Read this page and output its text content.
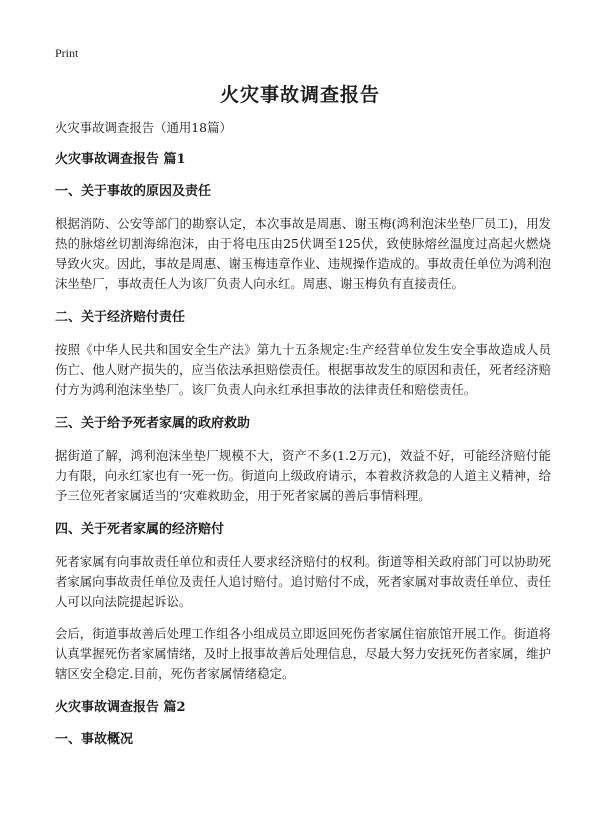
Print
火灾事故调查报告
火灾事故调查报告（通用18篇）
火灾事故调查报告 篇1
一、关于事故的原因及责任
根据消防、公安等部门的勘察认定，本次事故是周惠、谢玉梅(鸿利泡沫坐垫厂员工)，用发热的脉熔丝切割海绵泡沫，由于将电压由25伏调至125伏，致使脉熔丝温度过高起火燃烧导致火灾。因此，事故是周惠、谢玉梅违章作业、违规操作造成的。事故责任单位为鸿利泡沫坐垫厂，事故责任人为该厂负责人向永红。周惠、谢玉梅负有直接责任。
二、关于经济赔付责任
按照《中华人民共和国安全生产法》第九十五条规定:生产经营单位发生安全事故造成人员伤亡、他人财产损失的，应当依法承担赔偿责任。根据事故发生的原因和责任，死者经济赔付方为鸿利泡沫坐垫厂。该厂负责人向永红承担事故的法律责任和赔偿责任。
三、关于给予死者家属的政府救助
据街道了解，鸿利泡沫坐垫厂规模不大，资产不多(1.2万元)，效益不好，可能经济赔付能力有限，向永红家也有一死一伤。街道向上级政府请示，本着救济救急的人道主义精神，给予三位死者家属适当的‘灾难救助金，用于死者家属的善后事情料理。
四、关于死者家属的经济赔付
死者家属有向事故责任单位和责任人要求经济赔付的权利。街道等相关政府部门可以协助死者家属向事故责任单位及责任人追讨赔付。追讨赔付不成，死者家属对事故责任单位、责任人可以向法院提起诉讼。
会后，街道事故善后处理工作组各小组成员立即返回死伤者家属住宿旅馆开展工作。街道将认真掌握死伤者家属情绪，及时上报事故善后处理信息，尽最大努力安抚死伤者家属，维护辖区安全稳定.目前，死伤者家属情绪稳定。
火灾事故调查报告 篇2
一、事故概况
